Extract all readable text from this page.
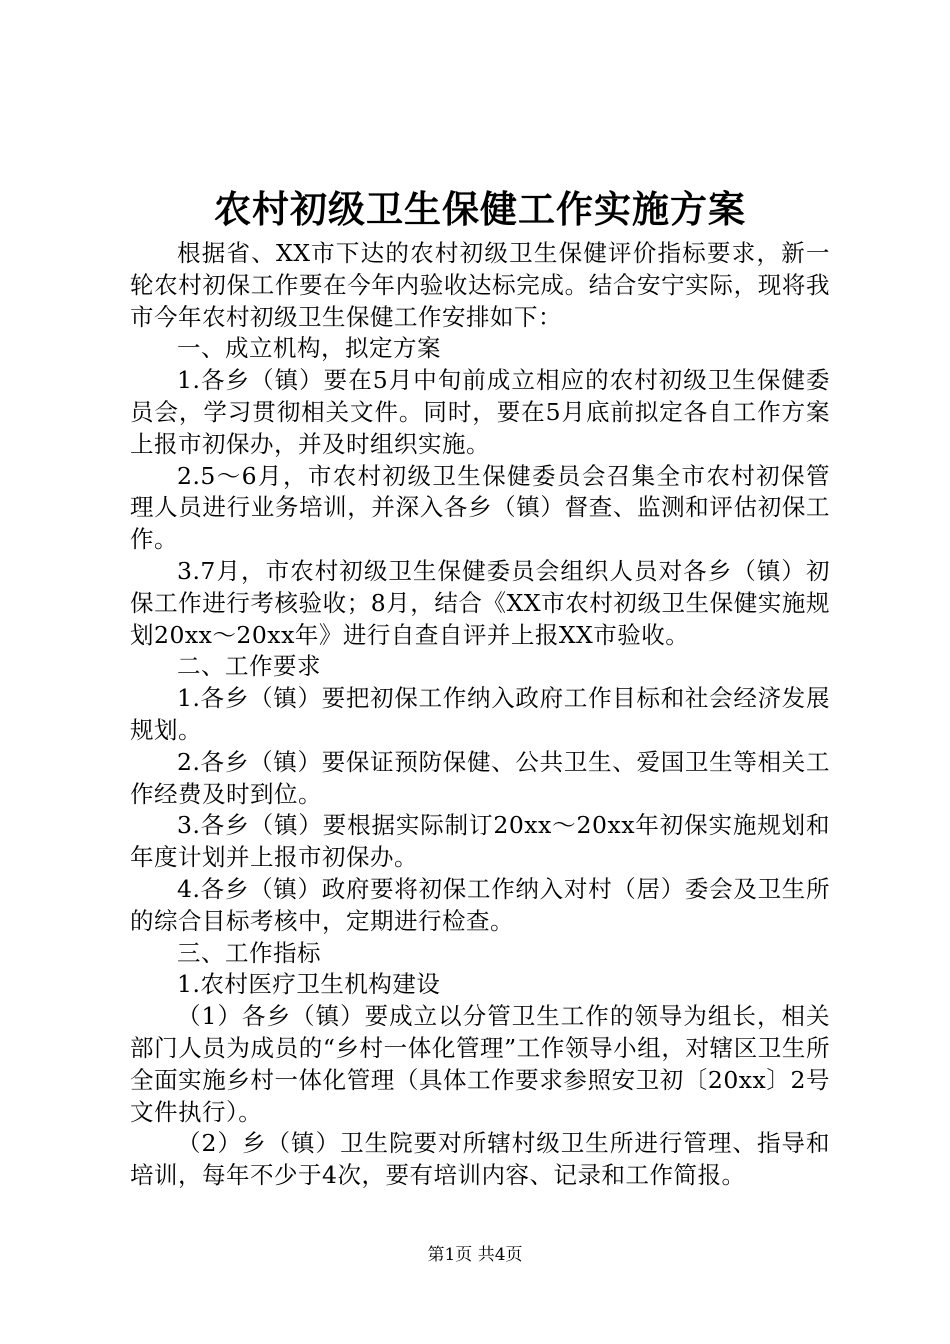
农村初级卫生保健工作实施方案

根据省、XX市下达的农村初级卫生保健评价指标要求，新一轮农村初保工作要在今年内验收达标完成。结合安宁实际，现将我市今年农村初级卫生保健工作安排如下：

一、成立机构，拟定方案

1.各乡（镇）要在5月中旬前成立相应的农村初级卫生保健委员会，学习贯彻相关文件。同时，要在5月底前拟定各自工作方案上报市初保办，并及时组织实施。

2.5～6月，市农村初级卫生保健委员会召集全市农村初保管理人员进行业务培训，并深入各乡（镇）督查、监测和评估初保工作。

3.7月，市农村初级卫生保健委员会组织人员对各乡（镇）初保工作进行考核验收；8月，结合《XX市农村初级卫生保健实施规划20xx～20xx年》进行自查自评并上报XX市验收。

二、工作要求

1.各乡（镇）要把初保工作纳入政府工作目标和社会经济发展规划。

2.各乡（镇）要保证预防保健、公共卫生、爱国卫生等相关工作经费及时到位。

3.各乡（镇）要根据实际制订20xx～20xx年初保实施规划和年度计划并上报市初保办。

4.各乡（镇）政府要将初保工作纳入对村（居）委会及卫生所的综合目标考核中，定期进行检查。

三、工作指标

1.农村医疗卫生机构建设

（1）各乡（镇）要成立以分管卫生工作的领导为组长，相关部门人员为成员的“乡村一体化管理”工作领导小组，对辖区卫生所全面实施乡村一体化管理（具体工作要求参照安卫初〔20xx〕2号文件执行）。

（2）乡（镇）卫生院要对所辖村级卫生所进行管理、指导和培训，每年不少于4次，要有培训内容、记录和工作简报。

第1页 共4页
